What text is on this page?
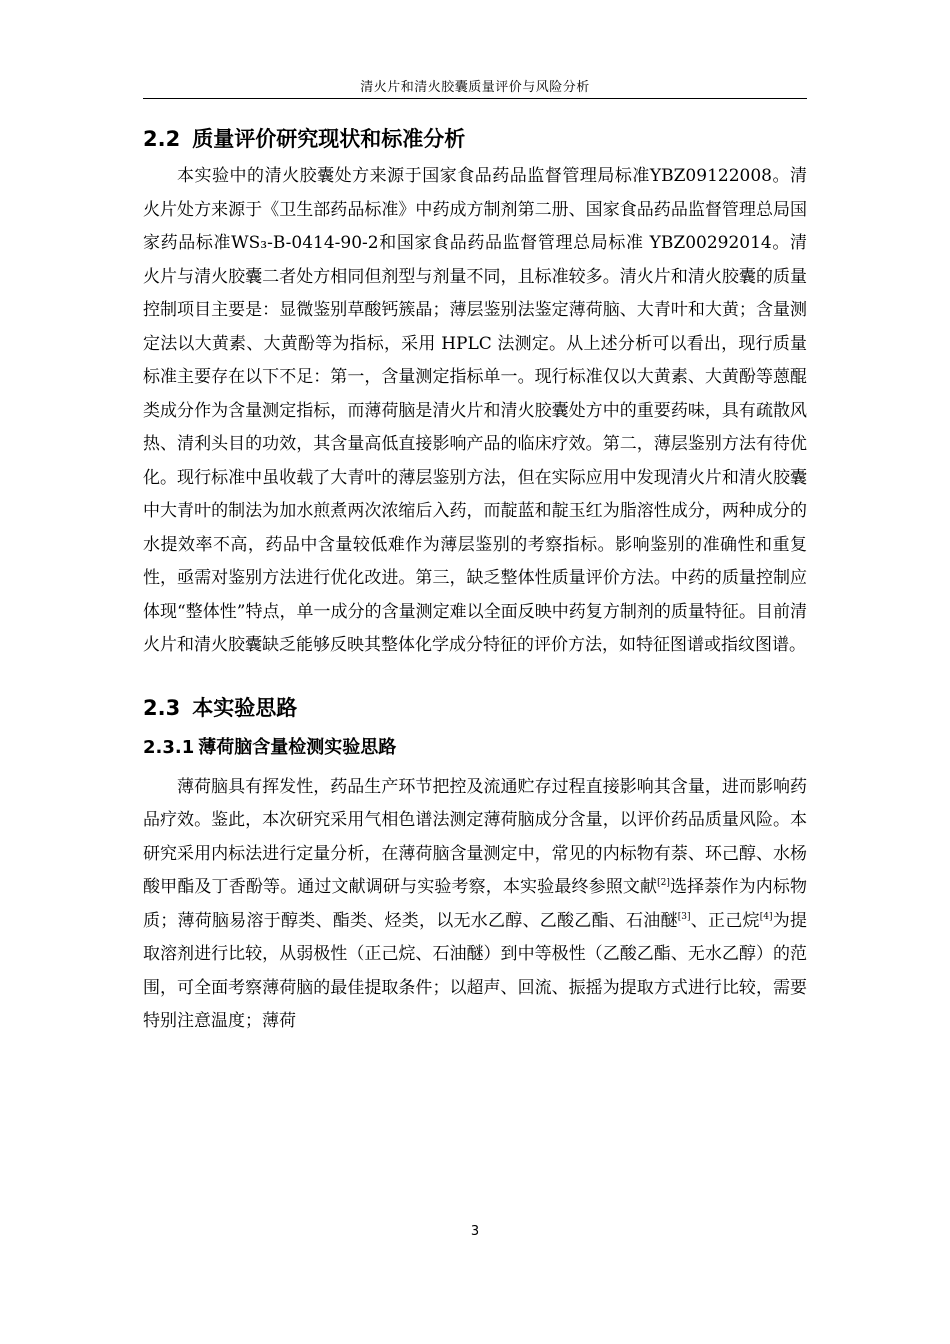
清火片和清火胶囊质量评价与风险分析
2.2 质量评价研究现状和标准分析

本实验中的清火胶囊处方来源于国家食品药品监督管理局标准YBZ09122008。清火片处方来源于《卫生部药品标准》中药成方制剂第二册、国家食品药品监督管理总局国家药品标准WS₃-B-0414-90-2和国家食品药品监督管理总局标准 YBZ00292014。清火片与清火胶囊二者处方相同但剂型与剂量不同，且标准较多。清火片和清火胶囊的质量控制项目主要是：显微鉴别草酸钙簇晶；薄层鉴别法鉴定薄荷脑、大青叶和大黄；含量测定法以大黄素、大黄酚等为指标，采用 HPLC 法测定。从上述分析可以看出，现行质量标准主要存在以下不足：第一，含量测定指标单一。现行标准仅以大黄素、大黄酚等蒽醌类成分作为含量测定指标，而薄荷脑是清火片和清火胶囊处方中的重要药味，具有疏散风热、清利头目的功效，其含量高低直接影响产品的临床疗效。第二，薄层鉴别方法有待优化。现行标准中虽收载了大青叶的薄层鉴别方法，但在实际应用中发现清火片和清火胶囊中大青叶的制法为加水煎煮两次浓缩后入药，而靛蓝和靛玉红为脂溶性成分，两种成分的水提效率不高，药品中含量较低难作为薄层鉴别的考察指标。影响鉴别的准确性和重复性，亟需对鉴别方法进行优化改进。第三，缺乏整体性质量评价方法。中药的质量控制应体现“整体性”特点，单一成分的含量测定难以全面反映中药复方制剂的质量特征。目前清火片和清火胶囊缺乏能够反映其整体化学成分特征的评价方法，如特征图谱或指纹图谱。

2.3 本实验思路
2.3.1 薄荷脑含量检测实验思路

薄荷脑具有挥发性，药品生产环节把控及流通贮存过程直接影响其含量，进而影响药品疗效。鉴此，本次研究采用气相色谱法测定薄荷脑成分含量，以评价药品质量风险。本研究采用内标法进行定量分析，在薄荷脑含量测定中，常见的内标物有萘、环己醇、水杨酸甲酯及丁香酚等。通过文献调研与实验考察，本实验最终参照文献[2]选择萘作为内标物质；薄荷脑易溶于醇类、酯类、烃类，以无水乙醇、乙酸乙酯、石油醚[3]、正己烷[4]为提取溶剂进行比较，从弱极性（正己烷、石油醚）到中等极性（乙酸乙酯、无水乙醇）的范围，可全面考察薄荷脑的最佳提取条件；以超声、回流、振摇为提取方式进行比较，需要特别注意温度；薄荷

3
